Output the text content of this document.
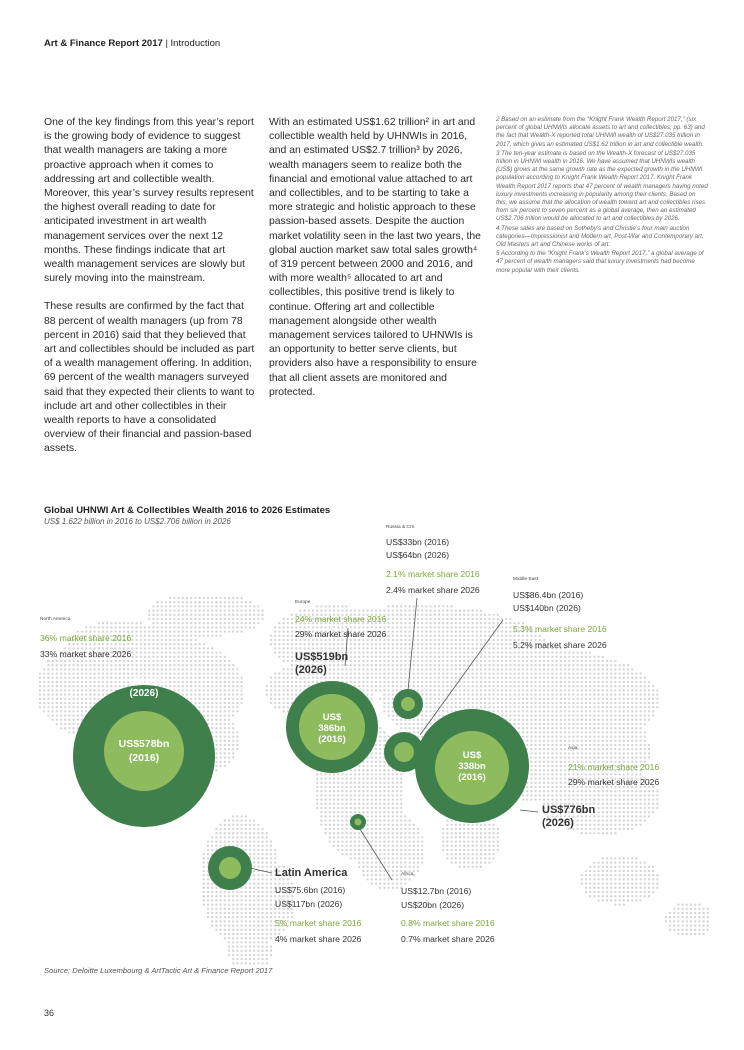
Art & Finance Report 2017 | Introduction

One of the key findings from this year’s report is the growing body of evidence to suggest that wealth managers are taking a more proactive approach when it comes to addressing art and collectible wealth. Moreover, this year’s survey results represent the highest overall reading to date for anticipated investment in art wealth management services over the next 12 months. These findings indicate that art wealth management services are slowly but surely moving into the mainstream.

These results are confirmed by the fact that 88 percent of wealth managers (up from 78 percent in 2016) said that they believed that art and collectibles should be included as part of a wealth management offering. In addition, 69 percent of the wealth managers surveyed said that they expected their clients to want to include art and other collectibles in their wealth reports to have a consolidated overview of their financial and passion-based assets.

With an estimated US$1.62 trillion² in art and collectible wealth held by UHNWIs in 2016, and an estimated US$2.7 trillion³ by 2026, wealth managers seem to realize both the financial and emotional value attached to art and collectibles, and to be starting to take a more strategic and holistic approach to these passion-based assets. Despite the auction market volatility seen in the last two years, the global auction market saw total sales growth⁴ of 319 percent between 2000 and 2016, and with more wealth⁵ allocated to art and collectibles, this positive trend is likely to continue. Offering art and collectible management alongside other wealth management services tailored to UHNWIs is an opportunity to better serve clients, but providers also have a responsibility to ensure that all client assets are monitored and protected.

2 Based on an estimate from the “Knight Frank Wealth Report 2017,” (six percent of global UHNWIs allocate assets to art and collectibles; pp. 63) and the fact that Wealth-X reported total UHNWI wealth of US$27.035 trillion in 2017, which gives an estimated US$1.62 trillion in art and collectible wealth.
3 The ten-year estimate is based on the Wealth-X forecast of US$27.035 trillion in UHNWI wealth in 2016. We have assumed that UHNWIs wealth (US$) grows at the same growth rate as the expected growth in the UHNWI population according to Knight Frank Wealth Report 2017. Knight Frank Wealth Report 2017 reports that 47 percent of wealth managers having noted luxury investments increasing in popularity among their clients. Based on this, we assume that the allocation of wealth toward art and collectibles rises from six percent to seven percent as a global average, then an estimated US$2.706 trillion would be allocated to art and collectibles by 2026.
4 These sales are based on Sotheby’s and Christie’s four main auction categories—Impressionist and Modern art, Post-War and Contemporary art, Old Masters art and Chinese works of art.
5 According to the “Knight Frank’s Wealth Report 2017,” a global average of 47 percent of wealth managers said that luxury investments had become more popular with their clients.
Global UHNWI Art & Collectibles Wealth 2016 to 2026 Estimates
US$ 1.622 billion in 2016 to US$2.706 billion in 2026
US$883bn
(2026)
US$578bn
(2016)
US$
386bn
(2016)
US$
338bn
(2016)
North America
36% market share 2016
33% market share 2026
Europe
24% market share 2016
29% market share 2026
US$519bn
(2026)
Russia & CIS
US$33bn (2016)
US$64bn (2026)
2.1% market share 2016
2.4% market share 2026
Middle East
US$86.4bn (2016)
US$140bn (2026)
5.3% market share 2016
5.2% market share 2026
Asia
21% market share 2016
29% market share 2026
US$776bn
(2026)
Latin America
US$75.6bn (2016)
US$117bn (2026)
5% market share 2016
4% market share 2026
Africa
US$12.7bn (2016)
US$20bn (2026)
0.8% market share 2016
0.7% market share 2026
Source: Deloitte Luxembourg & ArtTactic Art & Finance Report 2017
36
